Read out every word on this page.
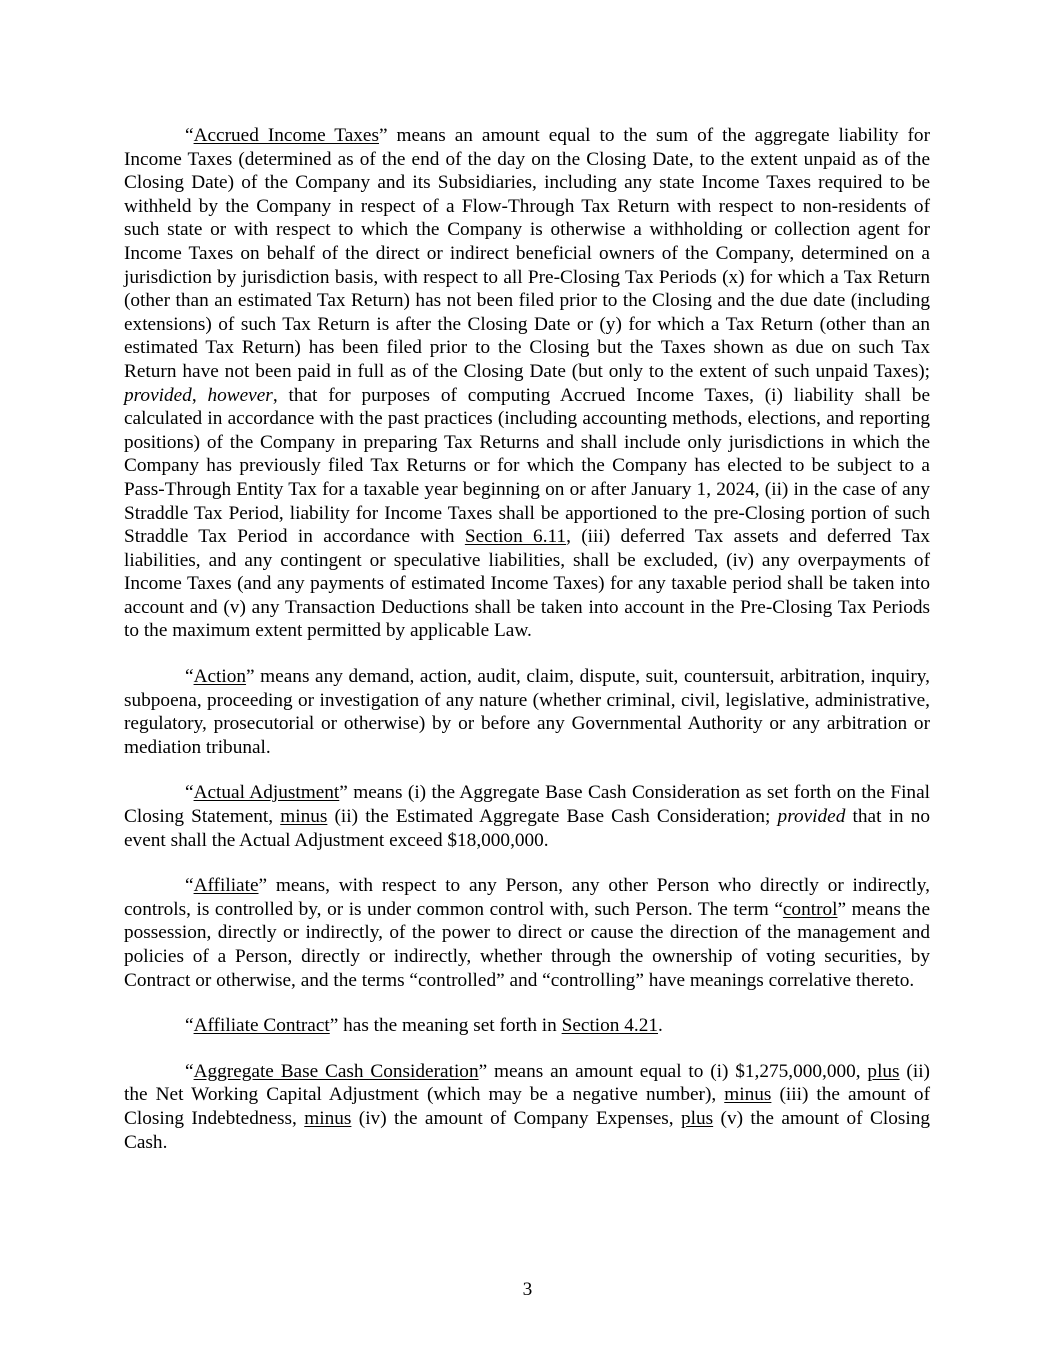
“Accrued Income Taxes” means an amount equal to the sum of the aggregate liability for Income Taxes (determined as of the end of the day on the Closing Date, to the extent unpaid as of the Closing Date) of the Company and its Subsidiaries, including any state Income Taxes required to be withheld by the Company in respect of a Flow-Through Tax Return with respect to non-residents of such state or with respect to which the Company is otherwise a withholding or collection agent for Income Taxes on behalf of the direct or indirect beneficial owners of the Company, determined on a jurisdiction by jurisdiction basis, with respect to all Pre-Closing Tax Periods (x) for which a Tax Return (other than an estimated Tax Return) has not been filed prior to the Closing and the due date (including extensions) of such Tax Return is after the Closing Date or (y) for which a Tax Return (other than an estimated Tax Return) has been filed prior to the Closing but the Taxes shown as due on such Tax Return have not been paid in full as of the Closing Date (but only to the extent of such unpaid Taxes); provided, however, that for purposes of computing Accrued Income Taxes, (i) liability shall be calculated in accordance with the past practices (including accounting methods, elections, and reporting positions) of the Company in preparing Tax Returns and shall include only jurisdictions in which the Company has previously filed Tax Returns or for which the Company has elected to be subject to a Pass-Through Entity Tax for a taxable year beginning on or after January 1, 2024, (ii) in the case of any Straddle Tax Period, liability for Income Taxes shall be apportioned to the pre-Closing portion of such Straddle Tax Period in accordance with Section 6.11, (iii) deferred Tax assets and deferred Tax liabilities, and any contingent or speculative liabilities, shall be excluded, (iv) any overpayments of Income Taxes (and any payments of estimated Income Taxes) for any taxable period shall be taken into account and (v) any Transaction Deductions shall be taken into account in the Pre-Closing Tax Periods to the maximum extent permitted by applicable Law.

“Action” means any demand, action, audit, claim, dispute, suit, countersuit, arbitration, inquiry, subpoena, proceeding or investigation of any nature (whether criminal, civil, legislative, administrative, regulatory, prosecutorial or otherwise) by or before any Governmental Authority or any arbitration or mediation tribunal.

“Actual Adjustment” means (i) the Aggregate Base Cash Consideration as set forth on the Final Closing Statement, minus (ii) the Estimated Aggregate Base Cash Consideration; provided that in no event shall the Actual Adjustment exceed $18,000,000.

“Affiliate” means, with respect to any Person, any other Person who directly or indirectly, controls, is controlled by, or is under common control with, such Person. The term “control” means the possession, directly or indirectly, of the power to direct or cause the direction of the management and policies of a Person, directly or indirectly, whether through the ownership of voting securities, by Contract or otherwise, and the terms “controlled” and “controlling” have meanings correlative thereto.

“Affiliate Contract” has the meaning set forth in Section 4.21.

“Aggregate Base Cash Consideration” means an amount equal to (i) $1,275,000,000, plus (ii) the Net Working Capital Adjustment (which may be a negative number), minus (iii) the amount of Closing Indebtedness, minus (iv) the amount of Company Expenses, plus (v) the amount of Closing Cash.

3
